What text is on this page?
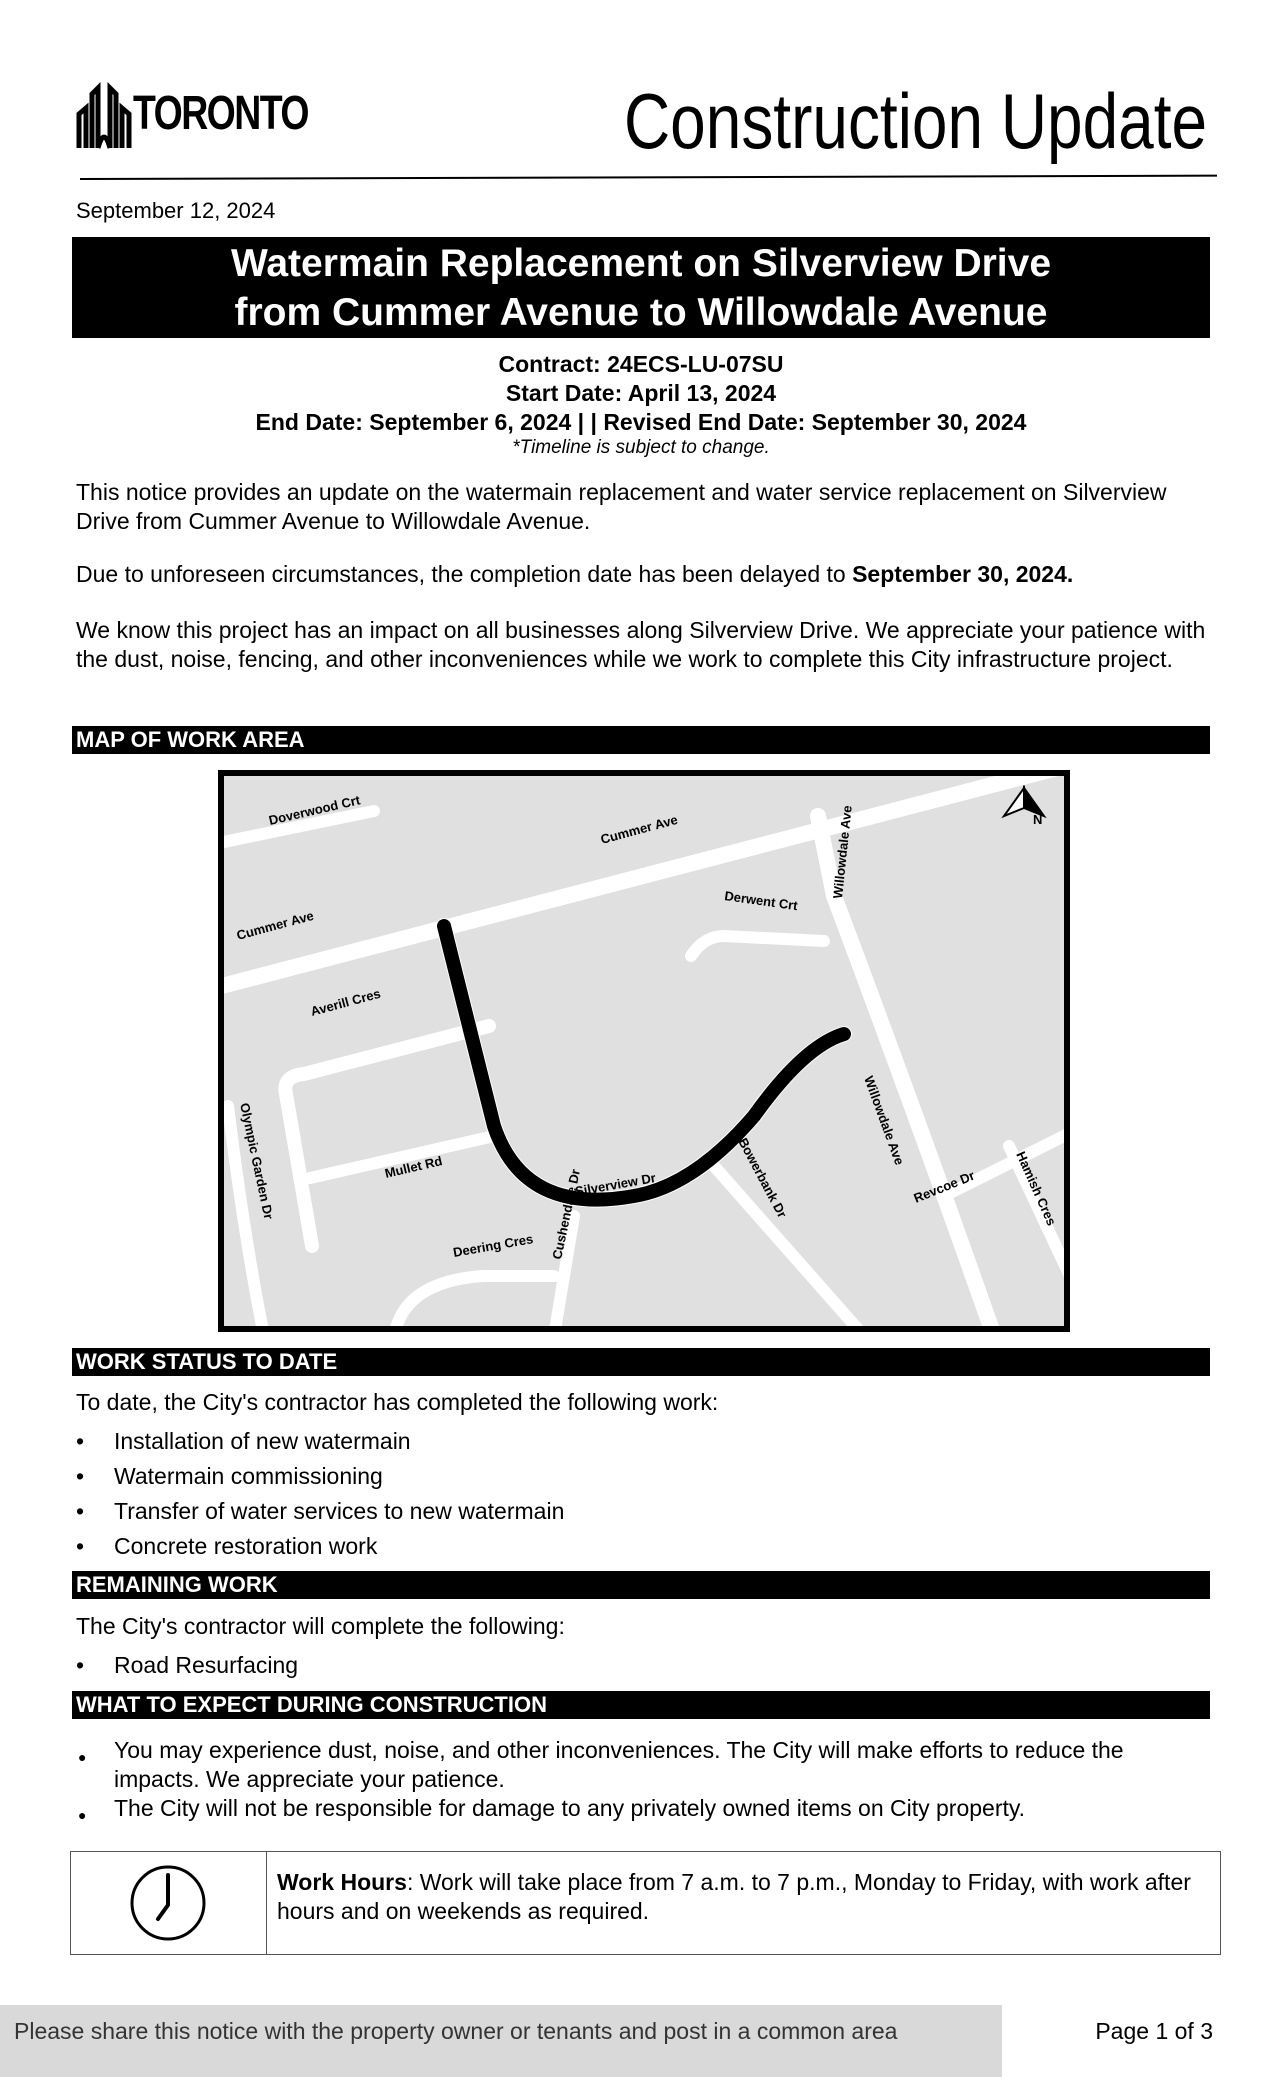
TORONTO	Construction Update
September 12, 2024
Watermain Replacement on Silverview Drive
from Cummer Avenue to Willowdale Avenue
Contract: 24ECS-LU-07SU
Start Date: April 13, 2024
End Date: September 6, 2024 | | Revised End Date: September 30, 2024
*Timeline is subject to change.
This notice provides an update on the watermain replacement and water service replacement on Silverview Drive from Cummer Avenue to Willowdale Avenue.
Due to unforeseen circumstances, the completion date has been delayed to September 30, 2024.
We know this project has an impact on all businesses along Silverview Drive. We appreciate your patience with the dust, noise, fencing, and other inconveniences while we work to complete this City infrastructure project.
MAP OF WORK AREA
N
Doverwood Crt
Cummer Ave
Cummer Ave
Willowdale Ave
Derwent Crt
Averill Cres
Olympic Garden Dr	Mullet Rd
Silverview Dr
Cushendale Dr
Deering Cres
Bowerbank Dr
Willowdale Ave
Revcoe Dr	Hamish Cres
WORK STATUS TO DATE
To date, the City's contractor has completed the following work:
• Installation of new watermain
• Watermain commissioning
• Transfer of water services to new watermain
• Concrete restoration work
REMAINING WORK
The City's contractor will complete the following:
• Road Resurfacing
WHAT TO EXPECT DURING CONSTRUCTION
● You may experience dust, noise, and other inconveniences. The City will make efforts to reduce the impacts. We appreciate your patience.
● The City will not be responsible for damage to any privately owned items on City property.
Work Hours: Work will take place from 7 a.m. to 7 p.m., Monday to Friday, with work after hours and on weekends as required.
Please share this notice with the property owner or tenants and post in a common area	Page 1 of 3
